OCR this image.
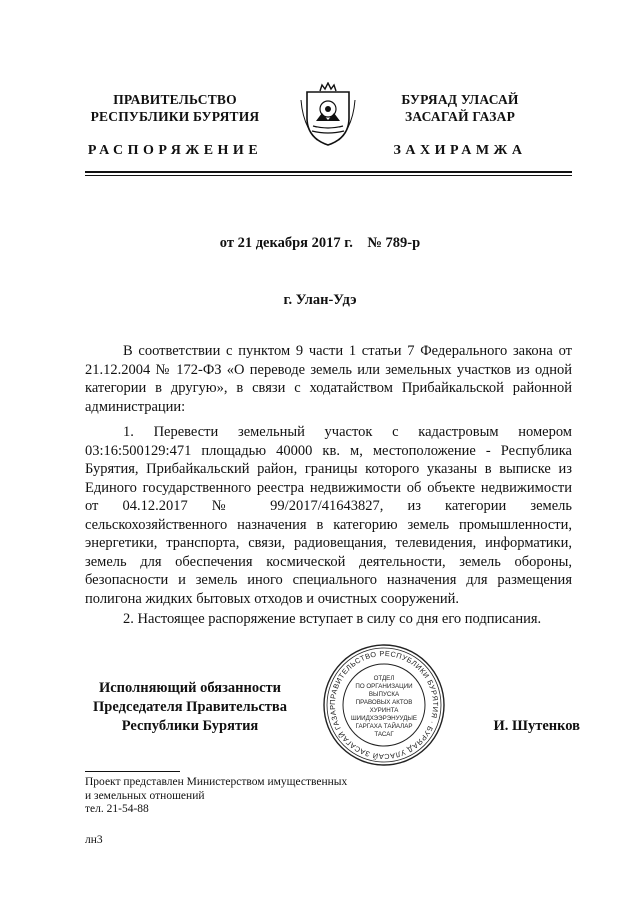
ПРАВИТЕЛЬСТВО
РЕСПУБЛИКИ БУРЯТИЯ
БУРЯАД УЛАСАЙ
ЗАСАГАЙ ГАЗАР
РАСПОРЯЖЕНИЕ	ЗАХИРАМЖА
от 21 декабря 2017 г.    № 789-р
г. Улан-Удэ
В соответствии с пунктом 9 части 1 статьи 7 Федерального закона от 21.12.2004 № 172-ФЗ «О переводе земель или земельных участков из одной категории в другую», в связи с ходатайством Прибайкальской районной администрации:
1. Перевести земельный участок с кадастровым номером 03:16:500129:471 площадью 40000 кв. м, местоположение - Республика Бурятия, Прибайкальский район, границы которого указаны в выписке из Единого государственного реестра недвижимости об объекте недвижимости от 04.12.2017 № 99/2017/41643827, из категории земель сельскохозяйственного назначения в категорию земель промышленности, энергетики, транспорта, связи, радиовещания, телевидения, информатики, земель для обеспечения космической деятельности, земель обороны, безопасности и земель иного специального назначения для размещения полигона жидких бытовых отходов и очистных сооружений.
2. Настоящее распоряжение вступает в силу со дня его подписания.
Исполняющий обязанности
Председателя Правительства
Республики Бурятия
ПРАВИТЕЛЬСТВО РЕСПУБЛИКИ БУРЯТИЯ · БУРЯАД УЛАСАЙ ЗАСАГАЙ ГАЗАР
ОТДЕЛ
ПО ОРГАНИЗАЦИИ
ВЫПУСКА
ПРАВОВЫХ АКТОВ
ХУРИНТА
ШИИДХЭЭРЭНУУДЫЕ
ГАРГАХА ТАЙАЛАР
ТАСАГ
И. Шутенков
Проект представлен Министерством имущественных
и земельных отношений
тел. 21-54-88
лн3
